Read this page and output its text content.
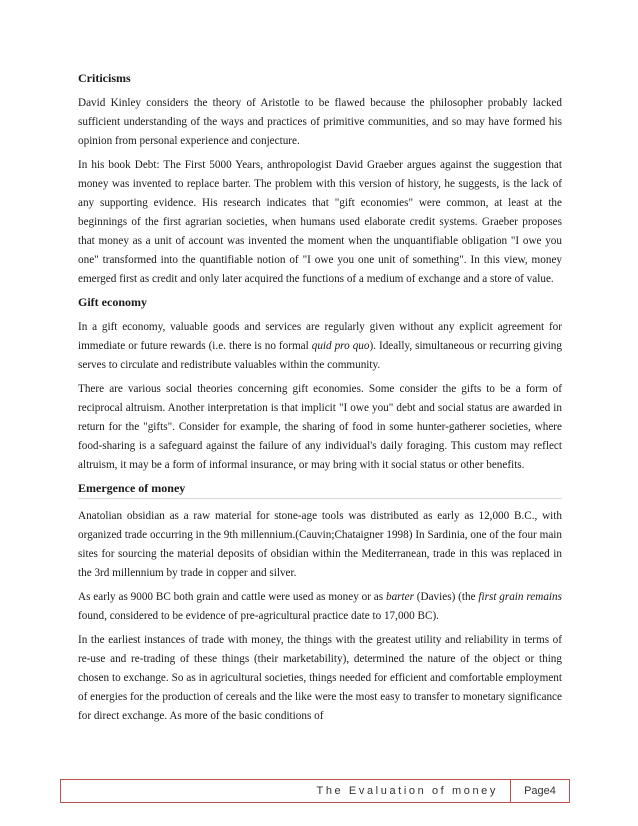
Criticisms

David Kinley considers the theory of Aristotle to be flawed because the philosopher probably lacked sufficient understanding of the ways and practices of primitive communities, and so may have formed his opinion from personal experience and conjecture.

In his book Debt: The First 5000 Years, anthropologist David Graeber argues against the suggestion that money was invented to replace barter. The problem with this version of history, he suggests, is the lack of any supporting evidence. His research indicates that "gift economies" were common, at least at the beginnings of the first agrarian societies, when humans used elaborate credit systems. Graeber proposes that money as a unit of account was invented the moment when the unquantifiable obligation "I owe you one" transformed into the quantifiable notion of "I owe you one unit of something". In this view, money emerged first as credit and only later acquired the functions of a medium of exchange and a store of value.

Gift economy

In a gift economy, valuable goods and services are regularly given without any explicit agreement for immediate or future rewards (i.e. there is no formal quid pro quo). Ideally, simultaneous or recurring giving serves to circulate and redistribute valuables within the community.

There are various social theories concerning gift economies. Some consider the gifts to be a form of reciprocal altruism. Another interpretation is that implicit "I owe you" debt and social status are awarded in return for the "gifts". Consider for example, the sharing of food in some hunter-gatherer societies, where food-sharing is a safeguard against the failure of any individual's daily foraging. This custom may reflect altruism, it may be a form of informal insurance, or may bring with it social status or other benefits.

Emergence of money

Anatolian obsidian as a raw material for stone-age tools was distributed as early as 12,000 B.C., with organized trade occurring in the 9th millennium.(Cauvin;Chataigner 1998) In Sardinia, one of the four main sites for sourcing the material deposits of obsidian within the Mediterranean, trade in this was replaced in the 3rd millennium by trade in copper and silver.

As early as 9000 BC both grain and cattle were used as money or as barter (Davies) (the first grain remains found, considered to be evidence of pre-agricultural practice date to 17,000 BC).

In the earliest instances of trade with money, the things with the greatest utility and reliability in terms of re-use and re-trading of these things (their marketability), determined the nature of the object or thing chosen to exchange. So as in agricultural societies, things needed for efficient and comfortable employment of energies for the production of cereals and the like were the most easy to transfer to monetary significance for direct exchange. As more of the basic conditions of

The Evaluation of money	Page4
